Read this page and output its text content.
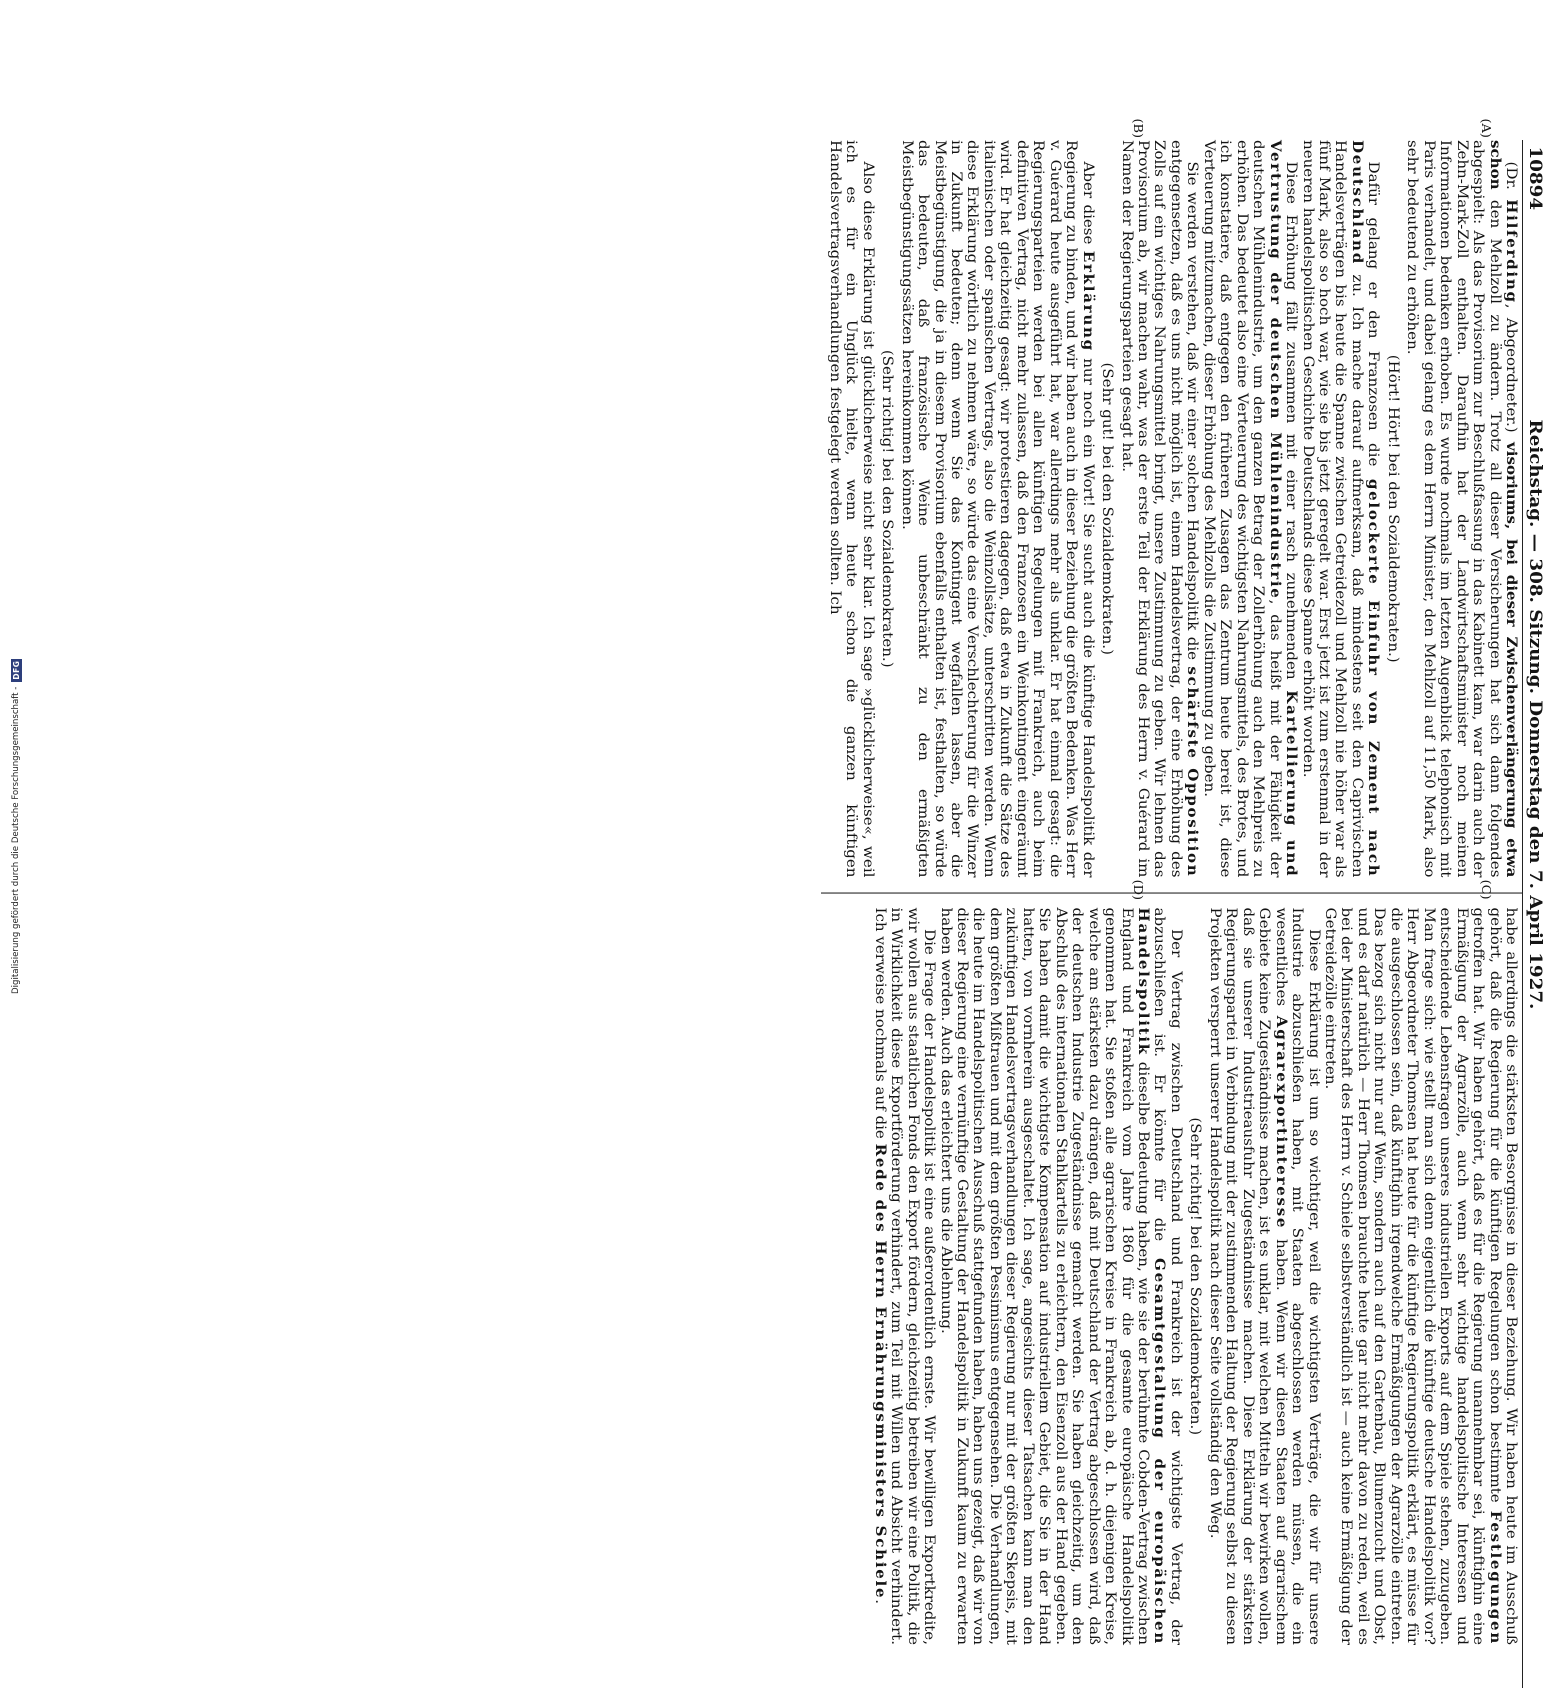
Digitalisierung gefördert durch die Deutsche Forschungsgemeinschaft -
DFG
10894
Reichstag. — 308. Sitzung. Donnerstag den 7. April 1927.

(Dr. Hilferding, Abgeordneter.) visoriums, bei dieser Zwischenverlängerung etwa schon den Mehlzoll zu ändern. Trotz all dieser Versicherungen hat sich dann folgendes abgespielt: Als das Provisorium zur Beschlußfassung in das Kabinett kam, war darin auch der Zehn-Mark-Zoll enthalten. Daraufhin hat der Landwirtschaftsminister noch meinen Informationen bedenken erhoben. Es wurde nochmals im letzten Augenblick telephonisch mit Paris verhandelt, und dabei gelang es dem Herrn Minister, den Mehlzoll auf 11,50 Mark, also sehr bedeutend zu erhöhen.

(Hört! Hört! bei den Sozialdemokraten.)

Dafür gelang er den Franzosen die gelockerte Einfuhr von Zement nach Deutschland zu. Ich mache darauf aufmerksam, daß mindestens seit den Caprivischen Handelsverträgen bis heute die Spanne zwischen Getreidezoll und Mehlzoll nie höher war als fünf Mark, also so hoch war, wie sie bis jetzt geregelt war. Erst jetzt ist zum erstenmal in der neueren handelspolitischen Geschichte Deutschlands diese Spanne erhöht worden.

Diese Erhöhung fällt zusammen mit einer rasch zunehmenden Kartellierung und Vertrustung der deutschen Mühlenindustrie, das heißt mit der Fähigkeit der deutschen Mühlenindustrie, um den ganzen Betrag der Zollerhöhung auch den Mehlpreis zu erhöhen. Das bedeutet also eine Verteuerung des wichtigsten Nahrungsmittels, des Brotes, und ich konstatiere, daß entgegen den früheren Zusagen das Zentrum heute bereit ist, diese Verteuerung mitzumachen, dieser Erhöhung des Mehlzolls die Zustimmung zu geben.

Sie werden verstehen, daß wir einer solchen Handelspolitik die schärfste Opposition entgegensetzen, daß es uns nicht möglich ist, einem Handelsvertrag, der eine Erhöhung des Zolls auf ein wichtiges Nahrungsmittel bringt, unsere Zustimmung zu geben. Wir lehnen das Provisorium ab, wir machen wahr, was der erste Teil der Erklärung des Herrn v. Guérard im Namen der Regierungsparteien gesagt hat.

(Sehr gut! bei den Sozialdemokraten.)

Aber diese Erklärung nur noch ein Wort! Sie sucht auch die künftige Handelspolitik der Regierung zu binden, und wir haben auch in dieser Beziehung die größten Bedenken. Was Herr v. Guérard heute ausgeführt hat, war allerdings mehr als unklar. Er hat einmal gesagt: die Regierungsparteien werden bei allen künftigen Regelungen mit Frankreich, auch beim definitiven Vertrag, nicht mehr zulassen, daß den Franzosen ein Weinkontingent eingeräumt wird. Er hat gleichzeitig gesagt: wir protestieren dagegen, daß etwa in Zukunft die Sätze des italienischen oder spanischen Vertrags, also die Weinzollsätze, unterschritten werden. Wenn diese Erklärung wörtlich zu nehmen wäre, so würde das eine Verschlechterung für die Winzer in Zukunft bedeuten; denn wenn Sie das Kontingent wegfallen lassen, aber die Meistbegünstigung, die ja in diesem Provisorium ebenfalls enthalten ist, festhalten, so würde das bedeuten, daß französische Weine unbeschränkt zu den ermäßigten Meistbegünstigungssätzen hereinkommen können.

(Sehr richtig! bei den Sozialdemokraten.)

Also diese Erklärung ist glücklicherweise nicht sehr klar. Ich sage »glücklicherweise«, weil ich es für ein Unglück hielte, wenn heute schon die ganzen künftigen Handelsvertragsverhandlungen festgelegt werden sollten. Ich

habe allerdings die stärksten Besorgnisse in dieser Beziehung. Wir haben heute im Ausschuß gehört, daß die Regierung für die künftigen Regelungen schon bestimmte Festlegungen getroffen hat. Wir haben gehört, daß es für die Regierung unannehmbar sei, künftighin eine Ermäßigung der Agrarzölle, auch wenn sehr wichtige handelspolitische Interessen und entscheidende Lebensfragen unseres industriellen Exports auf dem Spiele stehen, zuzugeben. Man frage sich: wie stellt man sich denn eigentlich die künftige deutsche Handelspolitik vor? Herr Abgeordneter Thomsen hat heute für die künftige Regierungspolitik erklärt, es müsse für die ausgeschlossen sein, daß künftighin irgendwelche Ermäßigungen der Agrarzölle eintreten. Das bezog sich nicht nur auf Wein, sondern auch auf den Gartenbau, Blumenzucht und Obst, und es darf natürlich — Herr Thomsen brauchte heute gar nicht mehr davon zu reden, weil es bei der Ministerschaft des Herrn v. Schiele selbstverständlich ist — auch keine Ermäßigung der Getreidezölle eintreten.

Diese Erklärung ist um so wichtiger, weil die wichtigsten Verträge, die wir für unsere Industrie abzuschließen haben, mit Staaten abgeschlossen werden müssen, die ein wesentliches Agrarexportinteresse haben. Wenn wir diesen Staaten auf agrarischem Gebiete keine Zugeständnisse machen, ist es unklar, mit welchen Mitteln wir bewirken wollen, daß sie unserer Industrieausfuhr Zugeständnisse machen. Diese Erklärung der stärksten Regierungspartei in Verbindung mit der zustimmenden Haltung der Regierung selbst zu diesen Projekten versperrt unserer Handelspolitik nach dieser Seite vollständig den Weg.

(Sehr richtig! bei den Sozialdemokraten.)

Der Vertrag zwischen Deutschland und Frankreich ist der wichtigste Vertrag, der abzuschließen ist. Er könnte für die Gesamtgestaltung der europäischen Handelspolitik dieselbe Bedeutung haben, wie sie der berühmte Cobden-Vertrag zwischen England und Frankreich vom Jahre 1860 für die gesamte europäische Handelspolitik genommen hat. Sie stoßen alle agrarischen Kreise in Frankreich ab, d. h. diejenigen Kreise, welche am stärksten dazu drängen, daß mit Deutschland der Vertrag abgeschlossen wird, daß der deutschen Industrie Zugeständnisse gemacht werden. Sie haben gleichzeitig, um den Abschluß des internationalen Stahlkartells zu erleichtern, den Eisenzoll aus der Hand gegeben. Sie haben damit die wichtigste Kompensation auf industriellem Gebiet, die Sie in der Hand hatten, von vornherein ausgeschaltet. Ich sage, angesichts dieser Tatsachen kann man den zukünftigen Handelsvertragsverhandlungen dieser Regierung nur mit der größten Skepsis, mit dem größten Mißtrauen und mit dem größten Pessimismus entgegensehen. Die Verhandlungen, die heute im Handelspolitischen Ausschuß stattgefunden haben, haben uns gezeigt, daß wir von dieser Regierung eine vernünftige Gestaltung der Handelspolitik in Zukunft kaum zu erwarten haben werden. Auch das erleichtert uns die Ablehnung.

Die Frage der Handelspolitik ist eine außerordentlich ernste. Wir bewilligen Exportkredite, wir wollen aus staatlichen Fonds den Export fördern, gleichzeitig betreiben wir eine Politik, die in Wirklichkeit diese Exportförderung verhindert, zum Teil mit Willen und Absicht verhindert. Ich verweise nochmals auf die Rede des Herrn Ernährungsministers Schiele.

(A)
(B)
(C)
(D)
